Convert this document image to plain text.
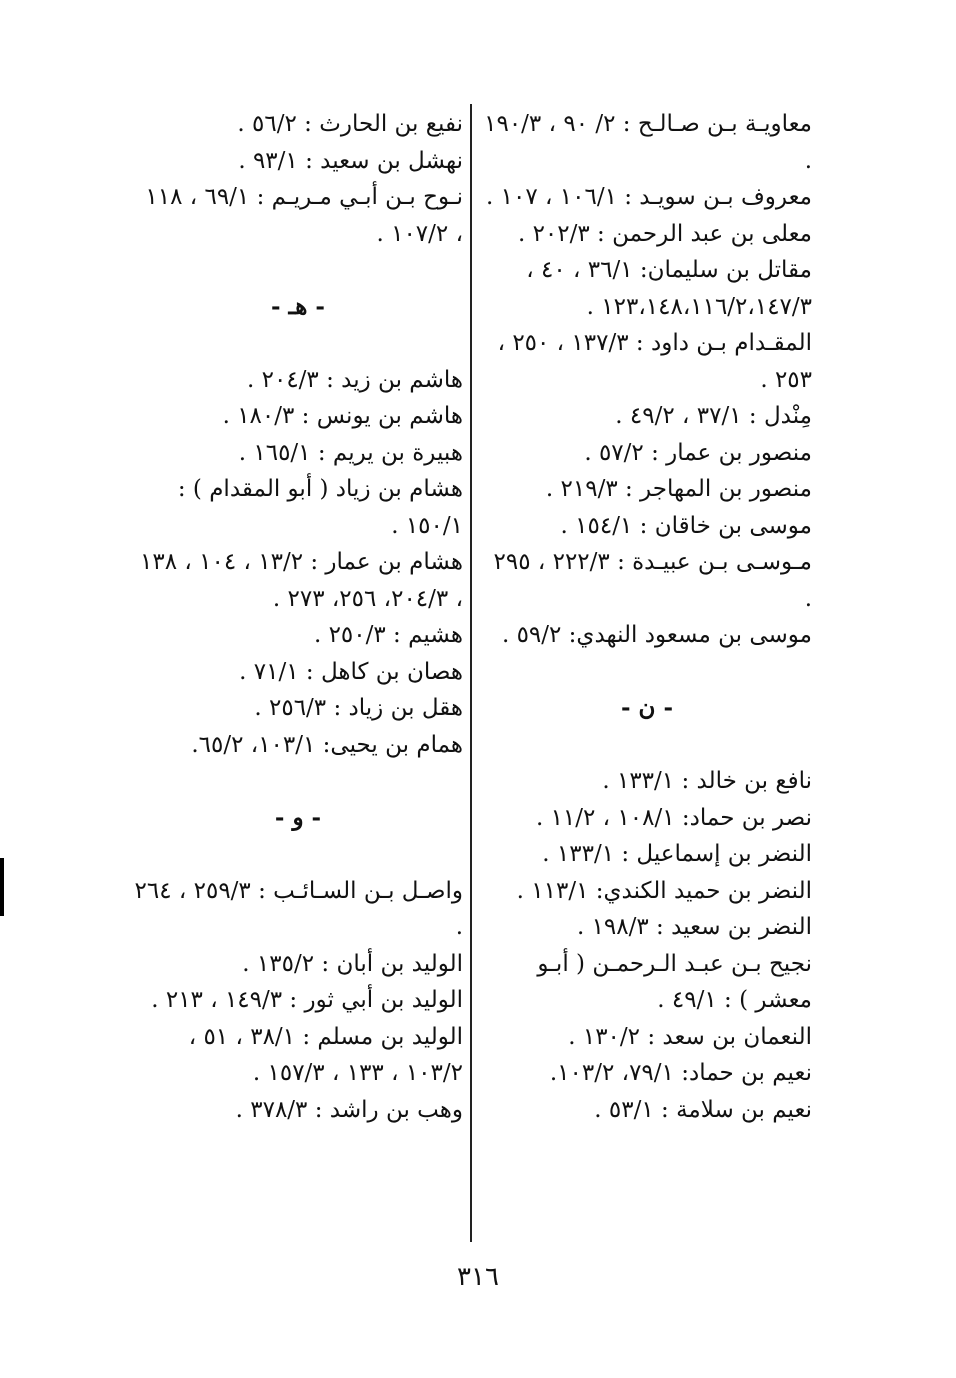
معاويـة بـن صـالـح : ٢/ ٩٠ ، ١٩٠/٣ .

معروف بـن سويـد : ١٠٦/١ ، ١٠٧ .

معلى بن عبد الرحمن : ٢٠٢/٣ .

مقاتل بن سليمان: ٣٦/١ ، ٤٠ ، ١٢٣،١٤٨،١١٦/٢،١٤٧/٣ .

المقـدام بـن داود : ١٣٧/٣ ، ٢٥٠ ، ٢٥٣ .

مِنْدل : ٣٧/١ ، ٤٩/٢ .

منصور بن عمار : ٥٧/٢ .

منصور بن المهاجر : ٢١٩/٣ .

موسى بن خاقان : ١٥٤/١ .

مـوسـى بـن عبيـدة : ٢٢٢/٣ ، ٢٩٥ .

موسى بن مسعود النهدي: ٥٩/٢ .

- ن -

نافع بن خالد : ١٣٣/١ .

نصر بن حماد: ١٠٨/١ ، ١١/٢ .

النضر بن إسماعيل : ١٣٣/١ .

النضر بن حميد الكندي: ١١٣/١ .

النضر بن سعيد : ١٩٨/٣ .

نجيح بـن عبـد الـرحمـن ( أبـو معشر ) : ٤٩/١ .

النعمان بن سعد : ١٣٠/٢ .

نعيم بن حماد: ٧٩/١، ١٠٣/٢.

نعيم بن سلامة : ٥٣/١ .

نفيع بن الحارث : ٥٦/٢ .

نهشل بن سعيد : ٩٣/١ .

نـوح بـن أبـي مـريـم : ٦٩/١ ، ١١٨ ، ١٠٧/٢ .

- هـ -

هاشم بن زيد : ٢٠٤/٣ .

هاشم بن يونس : ١٨٠/٣ .

هبيرة بن يريم : ١٦٥/١ .

هشام بن زياد ( أبو المقدام ) : ١٥٠/١ .

هشام بن عمار : ١٣/٢ ، ١٠٤ ، ١٣٨ ، ٢٠٤/٣، ٢٥٦، ٢٧٣ .

هشيم : ٢٥٠/٣ .

هصان بن كاهل : ٧١/١ .

هقل بن زياد : ٢٥٦/٣ .

همام بن يحيى: ١٠٣/١، ٦٥/٢.

- و -

واصـل بـن السـائـب : ٢٥٩/٣ ، ٢٦٤ .

الوليد بن أبان : ١٣٥/٢ .

الوليد بن أبي ثور : ١٤٩/٣ ، ٢١٣ .

الوليد بن مسلم : ٣٨/١ ، ٥١ ، ١٠٣/٢ ، ١٣٣ ، ١٥٧/٣ .

وهب بن راشد : ٣٧٨/٣ .

٣١٦
